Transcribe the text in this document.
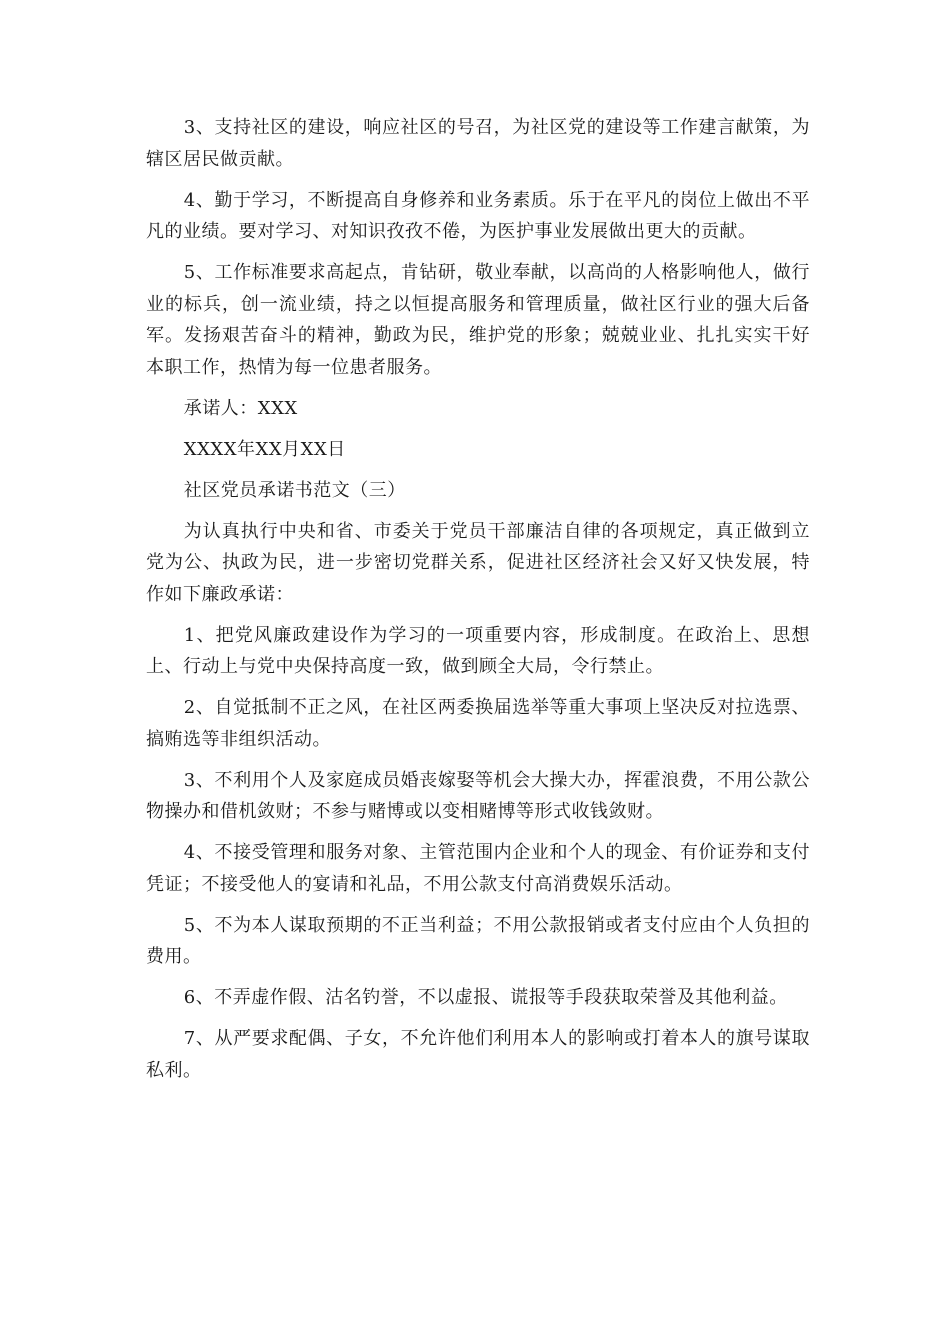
3、支持社区的建设，响应社区的号召，为社区党的建设等工作建言献策，为辖区居民做贡献。

4、勤于学习，不断提高自身修养和业务素质。乐于在平凡的岗位上做出不平凡的业绩。要对学习、对知识孜孜不倦，为医护事业发展做出更大的贡献。

5、工作标准要求高起点，肯钻研，敬业奉献，以高尚的人格影响他人，做行业的标兵，创一流业绩，持之以恒提高服务和管理质量，做社区行业的强大后备军。发扬艰苦奋斗的精神，勤政为民，维护党的形象；兢兢业业、扎扎实实干好本职工作，热情为每一位患者服务。

承诺人：XXX

XXXX年XX月XX日

社区党员承诺书范文（三）

为认真执行中央和省、市委关于党员干部廉洁自律的各项规定，真正做到立党为公、执政为民，进一步密切党群关系，促进社区经济社会又好又快发展，特作如下廉政承诺：

1、把党风廉政建设作为学习的一项重要内容，形成制度。在政治上、思想上、行动上与党中央保持高度一致，做到顾全大局，令行禁止。

2、自觉抵制不正之风，在社区两委换届选举等重大事项上坚决反对拉选票、搞贿选等非组织活动。

3、不利用个人及家庭成员婚丧嫁娶等机会大操大办，挥霍浪费，不用公款公物操办和借机敛财；不参与赌博或以变相赌博等形式收钱敛财。

4、不接受管理和服务对象、主管范围内企业和个人的现金、有价证券和支付凭证；不接受他人的宴请和礼品，不用公款支付高消费娱乐活动。

5、不为本人谋取预期的不正当利益；不用公款报销或者支付应由个人负担的费用。

6、不弄虚作假、沽名钓誉，不以虚报、谎报等手段获取荣誉及其他利益。

7、从严要求配偶、子女，不允许他们利用本人的影响或打着本人的旗号谋取私利。
